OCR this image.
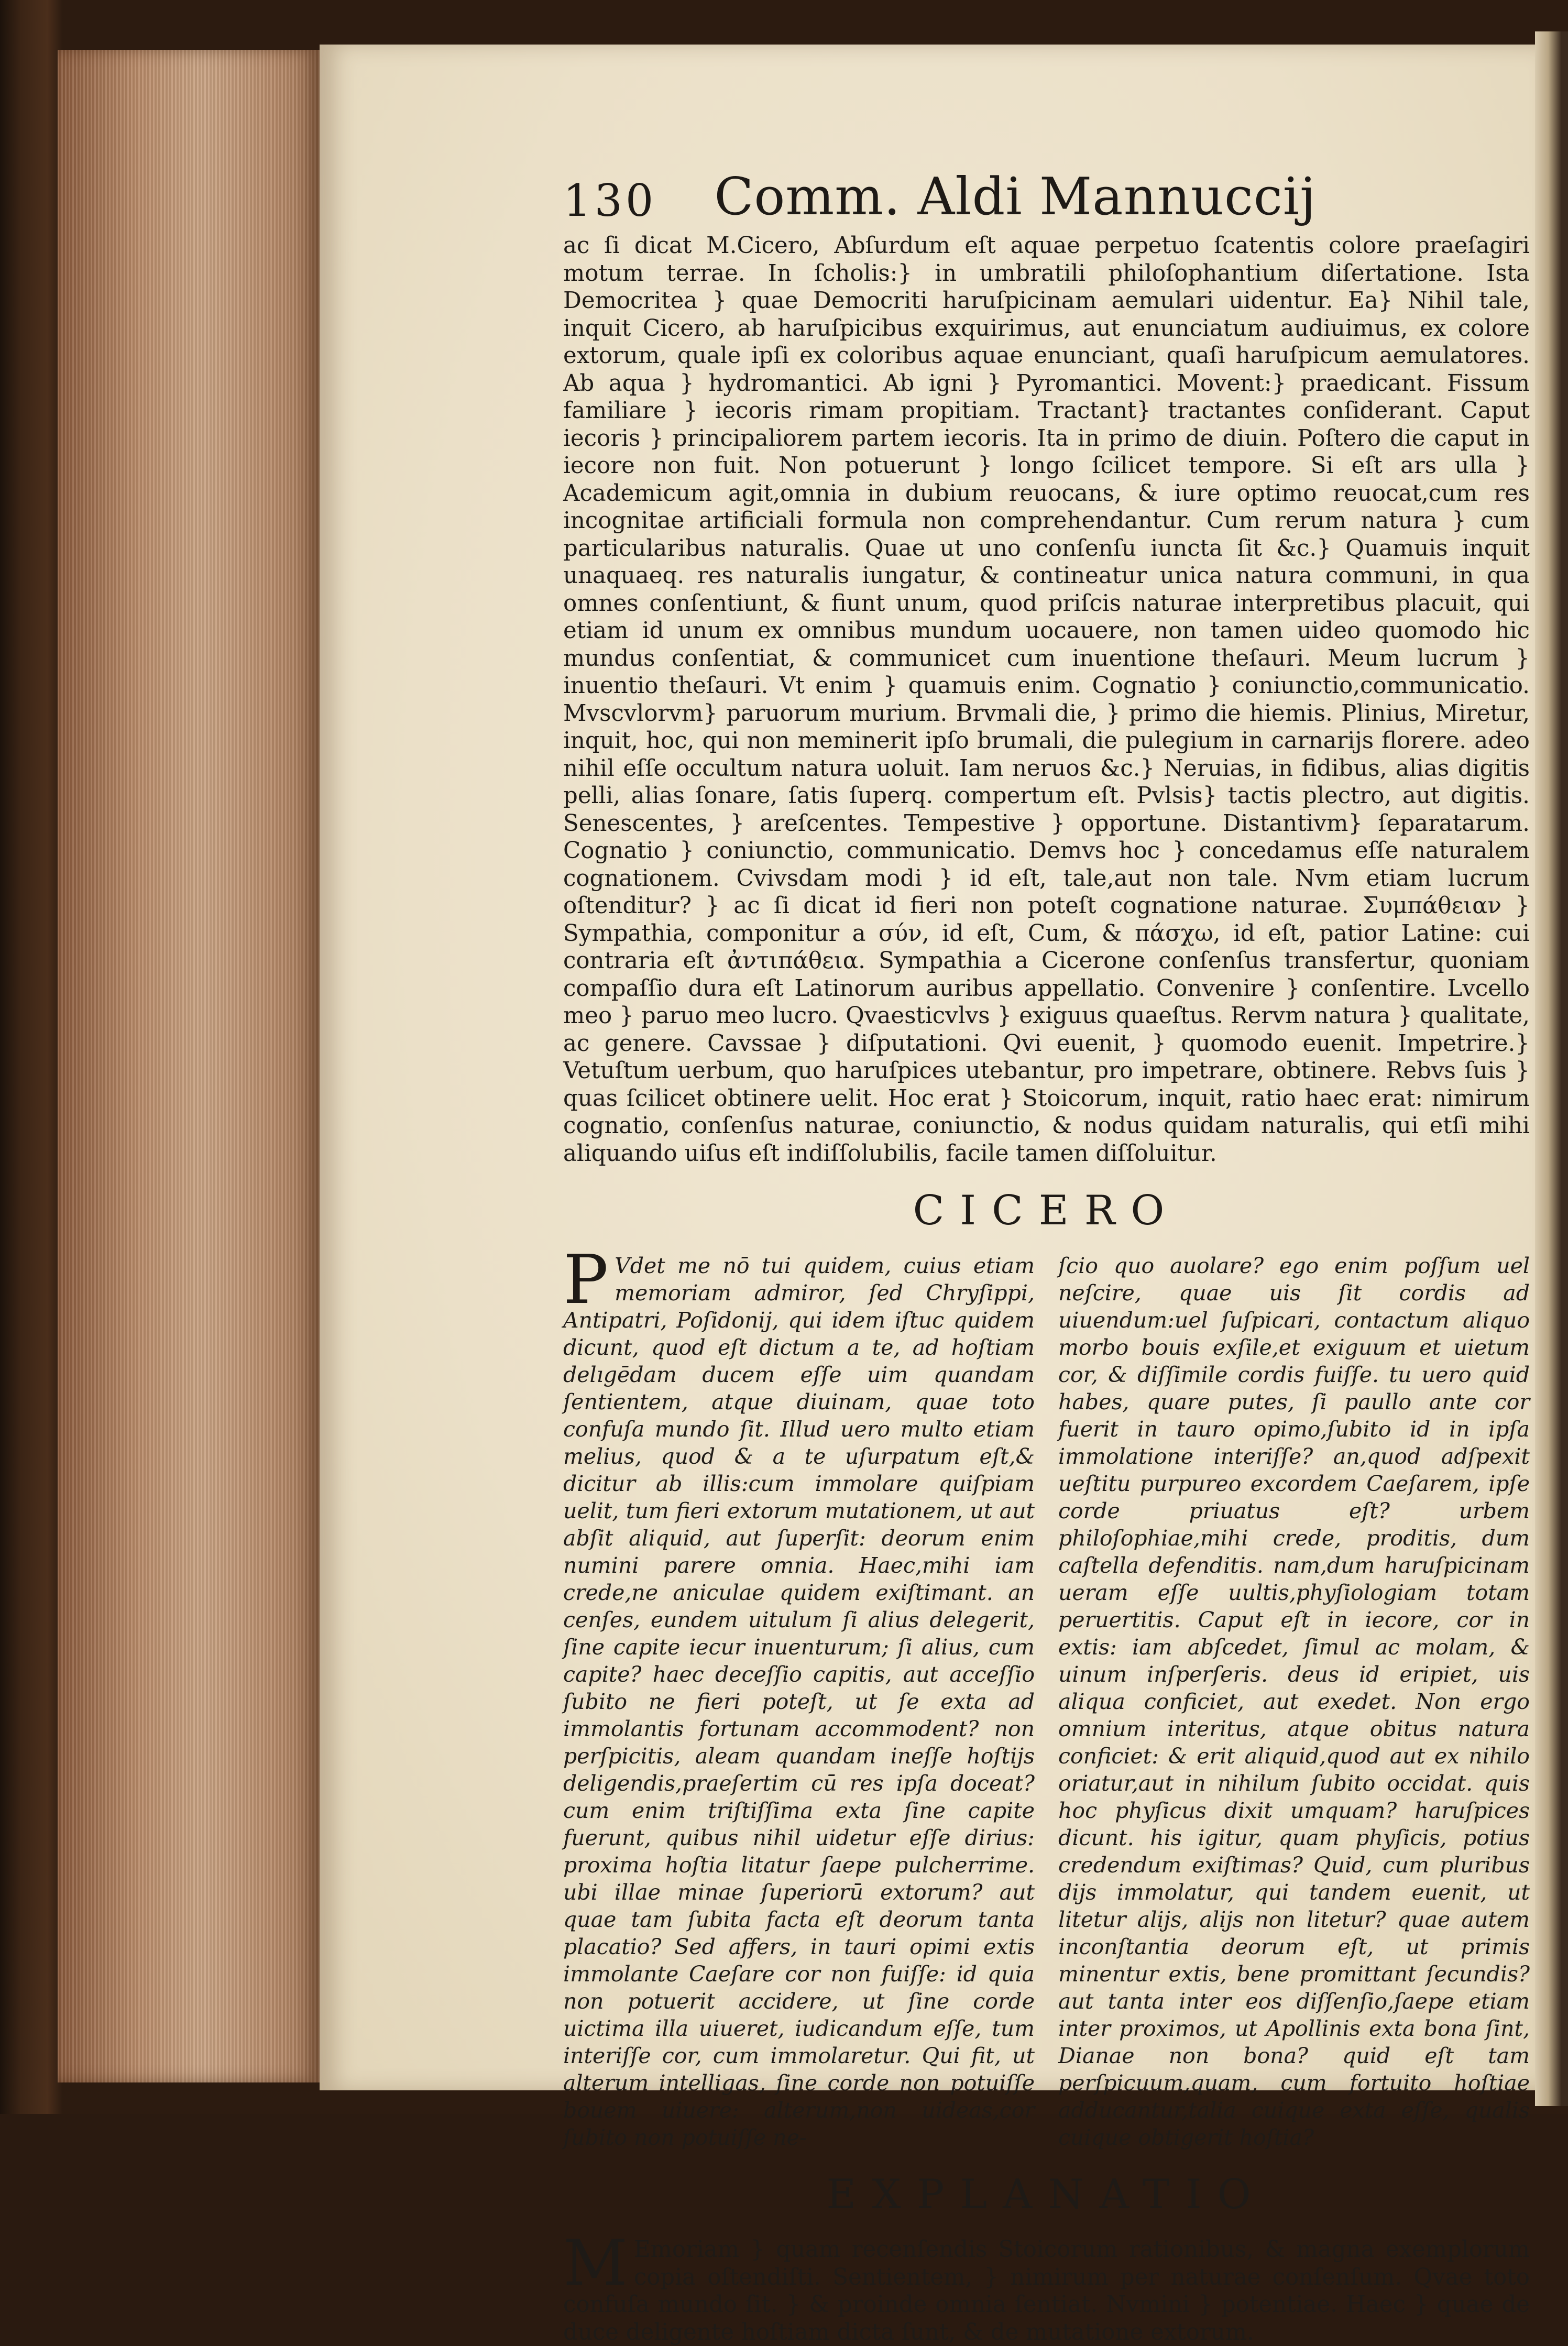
130 Comm. Aldi Mannuccij

ac ſi dicat M.Cicero, Abſurdum eſt aquae perpetuo ſcatentis colore praeſagiri motum terrae. In ſcholis:} in umbratili philoſophantium diſertatione. Ista Democritea } quae Democriti haruſpicinam aemulari uidentur. Ea} Nihil tale, inquit Cicero, ab haruſpicibus exquirimus, aut enunciatum audiuimus, ex colore extorum, quale ipſi ex coloribus aquae enunciant, quaſi haruſpicum aemulatores. Ab aqua } hydromantici. Ab igni } Pyromantici. Movent:} praedicant. Fissum familiare } iecoris rimam propitiam. Tractant} tractantes conſiderant. Caput iecoris } principaliorem partem iecoris. Ita in primo de diuin. Poſtero die caput in iecore non fuit. Non potuerunt } longo ſcilicet tempore. Si eſt ars ulla } Academicum agit,omnia in dubium reuocans, & iure optimo reuocat,cum res incognitae artificiali formula non comprehendantur. Cum rerum natura } cum particularibus naturalis. Quae ut uno conſenſu iuncta ſit &c.} Quamuis inquit unaquaeq. res naturalis iungatur, & contineatur unica natura communi, in qua omnes conſentiunt, & fiunt unum, quod priſcis naturae interpretibus placuit, qui etiam id unum ex omnibus mundum uocauere, non tamen uideo quomodo hic mundus conſentiat, & communicet cum inuentione theſauri. Meum lucrum } inuentio theſauri. Vt enim } quamuis enim. Cognatio } coniunctio,communicatio. Mvscvlorvm} paruorum murium. Brvmali die, } primo die hiemis. Plinius, Miretur, inquit, hoc, qui non meminerit ipſo brumali, die pulegium in carnarijs florere. adeo nihil eſſe occultum natura uoluit. Iam neruos &c.} Neruias, in fidibus, alias digitis pelli, alias ſonare, ſatis ſuperq. compertum eſt. Pvlsis} tactis plectro, aut digitis. Senescentes, } areſcentes. Tempestive } opportune. Distantivm} ſeparatarum. Cognatio } coniunctio, communicatio. Demvs hoc } concedamus eſſe naturalem cognationem. Cvivsdam modi } id eſt, tale,aut non tale. Nvm etiam lucrum oſtenditur? } ac ſi dicat id fieri non poteſt cognatione naturae. Συμπάθειαν } Sympathia, componitur a σύν, id eſt, Cum, & πάσχω, id eſt, patior Latine: cui contraria eſt ἀντιπάθεια. Sympathia a Cicerone conſenſus transfertur, quoniam compaſſio dura eſt Latinorum auribus appellatio. Convenire } conſentire. Lvcello meo } paruo meo lucro. Qvaesticvlvs } exiguus quaeſtus. Rervm natura } qualitate, ac genere. Cavssae } diſputationi. Qvi euenit, } quomodo euenit. Impetrire.} Vetuſtum uerbum, quo haruſpices utebantur, pro impetrare, obtinere. Rebvs ſuis } quas ſcilicet obtinere uelit. Hoc erat } Stoicorum, inquit, ratio haec erat: nimirum cognatio, conſenſus naturae, coniunctio, & nodus quidam naturalis, qui etſi mihi aliquando uiſus eſt indiſſolubilis, facile tamen diſſoluitur.

CICERO
P Vdet me nō tui quidem, cuius etiam memoriam admiror, ſed Chryſippi, Antipatri, Poſidonij, qui idem iſtuc quidem dicunt, quod eſt dictum a te, ad hoſtiam delıgēdam ducem eſſe uim quandam ſentientem, atque diuinam, quae toto confuſa mundo ſit. Illud uero multo etiam melius, quod & a te uſurpatum eſt,& dicitur ab illis:cum immolare quiſpiam uelit, tum fieri extorum mutationem, ut aut abſit aliquid, aut ſuperſit: deorum enim numini parere omnia. Haec,mihi iam crede,ne aniculae quidem exiſtimant. an cenſes, eundem uitulum ſi alius delegerit, ſine capite iecur inuenturum; ſi alius, cum capite? haec deceſſio capitis, aut acceſſio ſubito ne fieri poteſt, ut ſe exta ad immolantis fortunam accommodent? non perſpicitis, aleam quandam ineſſe hoſtijs deligendis,praeſertim cū res ipſa doceat? cum enim triſtiſſima exta ſine capite fuerunt, quibus nihil uidetur eſſe dirius: proxima hoſtia litatur ſaepe pulcherrime. ubi illae minae ſuperiorū extorum? aut quae tam ſubita facta eſt deorum tanta placatio? Sed affers, in tauri opimi extis immolante Caeſare cor non fuiſſe: id quia non potuerit accidere, ut ſine corde uictima illa uiueret, iudicandum eſſe, tum interiſſe cor, cum immolaretur. Qui fit, ut alterum intelligas, ſine corde non potuiſſe bouem uiuere: alterum,non uideas,cor ſubito non potuiſſe ne-
ſcio quo auolare? ego enim poſſum uel neſcire, quae uis ſit cordis ad uiuendum:uel ſuſpicari, contactum aliquo morbo bouis exſile,et exiguum et uietum cor, & diſſimile cordis fuiſſe. tu uero quid habes, quare putes, ſi paullo ante cor fuerit in tauro opimo,ſubito id in ipſa immolatione interiſſe? an,quod adſpexit ueſtitu purpureo excordem Caeſarem, ipſe corde priuatus eſt? urbem philoſophiae,mihi crede, proditis, dum caſtella defenditis. nam,dum haruſpicinam ueram eſſe uultis,phyſiologiam totam peruertitis. Caput eſt in iecore, cor in extis: iam abſcedet, ſimul ac molam, & uinum inſperſeris. deus id eripiet, uis aliqua conficiet, aut exedet. Non ergo omnium interitus, atque obitus natura conficiet: & erit aliquid,quod aut ex nihilo oriatur,aut in nihilum ſubito occidat. quis hoc phyſicus dixit umquam? haruſpices dicunt. his igitur, quam phyſicis, potius credendum exiſtimas? Quid, cum pluribus dijs immolatur, qui tandem euenit, ut litetur alijs, alijs non litetur? quae autem inconſtantia deorum eſt, ut primis minentur extis, bene promittant ſecundis? aut tanta inter eos diſſenſio,ſaepe etiam inter proximos, ut Apollinis exta bona ſint, Dianae non bona? quid eſt tam perſpicuum,quam, cum fortuito hoſtiae adducantur,talia cuique exta eſſe, qualis cuique obtigerit hoſtia?
EXPLANATIO
M Emoriam } quam recenſendis Stoicorum rationibus, & magna exemplorum copia oſtendiſti. Sentientem, } nimirum per naturae conſenſum. Qvae toto confuſa mundo ſit. } & proinde omnia ſentiat. Nvmini } potentiae. Haec } quae de duce deligente hoſtiam dicta ſunt, & de mutatione extorum.
